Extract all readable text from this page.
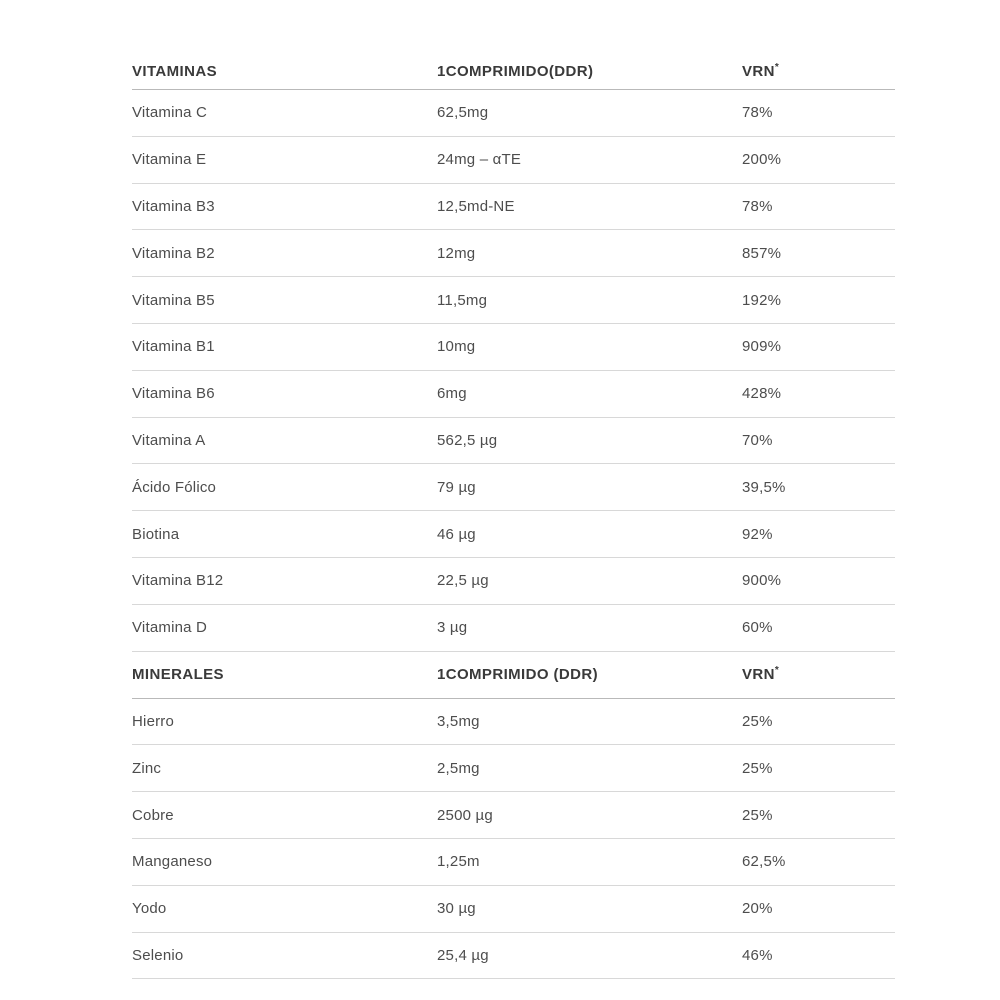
VITAMINAS	1COMPRIMIDO(DDR)	VRN*
Vitamina C	62,5mg	78%
Vitamina E	24mg – αTE	200%
Vitamina B3	12,5md-NE	78%
Vitamina B2	12mg	857%
Vitamina B5	11,5mg	192%
Vitamina B1	10mg	909%
Vitamina B6	6mg	428%
Vitamina A	562,5 µg	70%
Ácido Fólico	79 µg	39,5%
Biotina	46 µg	92%
Vitamina B12	22,5 µg	900%
Vitamina D	3 µg	60%
MINERALES	1COMPRIMIDO (DDR)	VRN*
Hierro	3,5mg	25%
Zinc	2,5mg	25%
Cobre	2500 µg	25%
Manganeso	1,25m	62,5%
Yodo	30 µg	20%
Selenio	25,4 µg	46%
